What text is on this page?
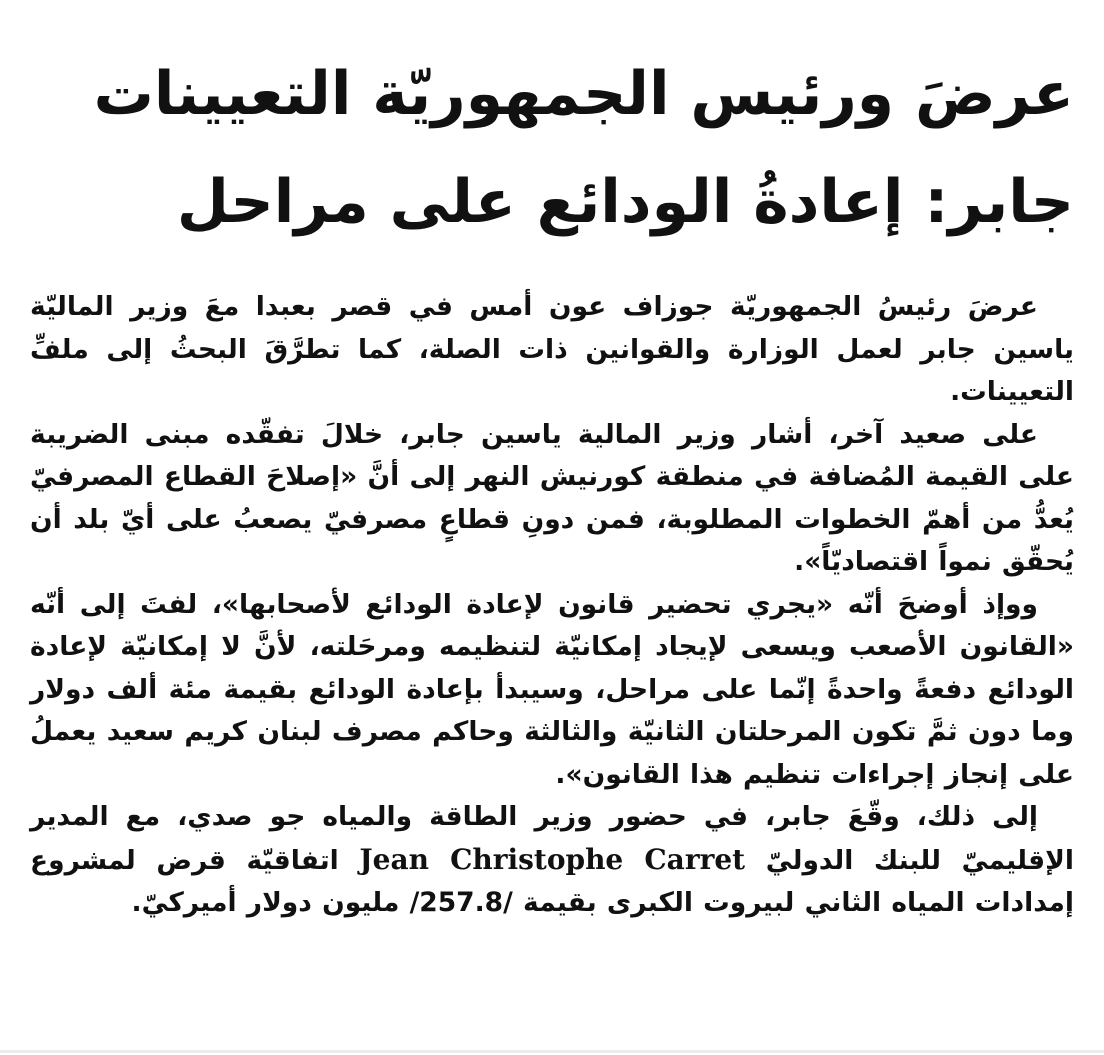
عرضَ ورئيس الجمهوريّة التعيينات
جابر: إعادةُ الودائع على مراحل

عرضَ رئيسُ الجمهوريّة جوزاف عون أمس في قصر بعبدا معَ وزير الماليّة ياسين جابر لعمل الوزارة والقوانين ذات الصلة، كما تطرَّقَ البحثُ إلى ملفِّ التعيينات.

على صعيد آخر، أشار وزير المالية ياسين جابر، خلالَ تفقّده مبنى الضريبة على القيمة المُضافة في منطقة كورنيش النهر إلى أنَّ «إصلاحَ القطاع المصرفيّ يُعدُّ من أهمّ الخطوات المطلوبة، فمن دونِ قطاعٍ مصرفيّ يصعبُ على أيّ بلد أن يُحقّق نمواً اقتصاديّاً».

ووإذ أوضحَ أنّه «يجري تحضير قانون لإعادة الودائع لأصحابها»، لفتَ إلى أنّه «القانون الأصعب ويسعى لإيجاد إمكانيّة لتنظيمه ومرحَلته، لأنَّ لا إمكانيّة لإعادة الودائع دفعةً واحدةً إنّما على مراحل، وسيبدأ بإعادة الودائع بقيمة مئة ألف دولار وما دون ثمَّ تكون المرحلتان الثانيّة والثالثة وحاكم مصرف لبنان كريم سعيد يعملُ على إنجاز إجراءات تنظيم هذا القانون».

إلى ذلك، وقّعَ جابر، في حضور وزير الطاقة والمياه جو صدي، مع المدير الإقليميّ للبنك الدوليّ Jean Christophe Carret اتفاقيّة قرض لمشروع إمدادات المياه الثاني لبيروت الكبرى بقيمة /257.8/ مليون دولار أميركيّ.
